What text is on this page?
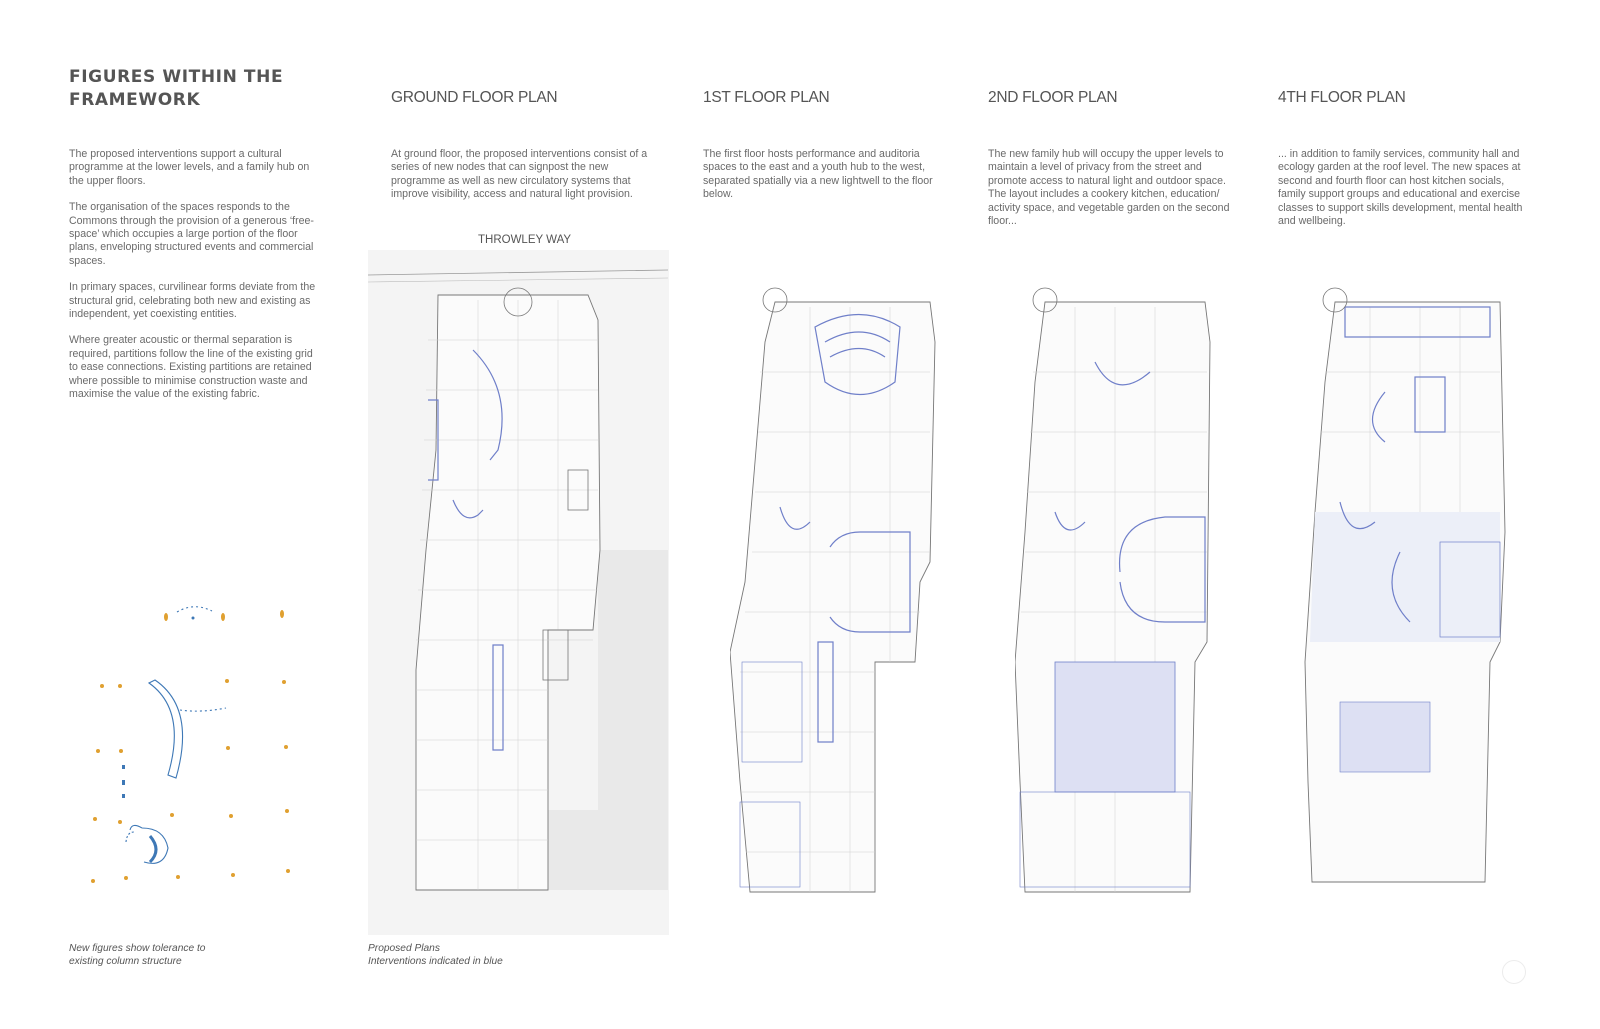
FIGURES WITHIN THE FRAMEWORK

The proposed interventions support a cultural programme at the lower levels, and a family hub on the upper floors.

The organisation of the spaces responds to the Commons through the provision of a generous ‘free-space’ which occupies a large portion of the floor plans, enveloping structured events and commercial spaces.

In primary spaces, curvilinear forms deviate from the structural grid, celebrating both new and existing as independent, yet coexisting entities.

Where greater acoustic or thermal separation is required, partitions follow the line of the existing grid to ease connections. Existing partitions are retained where possible to minimise construction waste and maximise the value of the existing fabric.

New figures show tolerance to
existing column structure
GROUND FLOOR PLAN
At ground floor, the proposed interventions consist of a series of new nodes that can signpost the new programme as well as new circulatory systems that improve visibility, access and natural light provision.
THROWLEY WAY
Proposed Plans
Interventions indicated in blue
1ST FLOOR PLAN
The first floor hosts performance and auditoria spaces to the east and a youth hub to the west, separated spatially via a new lightwell to the floor below.
2ND FLOOR PLAN
The new family hub will occupy the upper levels to maintain a level of privacy from the street and promote access to natural light and outdoor space. The layout includes a cookery kitchen, education/ activity space, and vegetable garden on the second floor...
4TH FLOOR PLAN
... in addition to family services, community hall and ecology garden at the roof level. The new spaces at second and fourth floor can host kitchen socials, family support groups and educational and exercise classes to support skills development, mental health and wellbeing.
